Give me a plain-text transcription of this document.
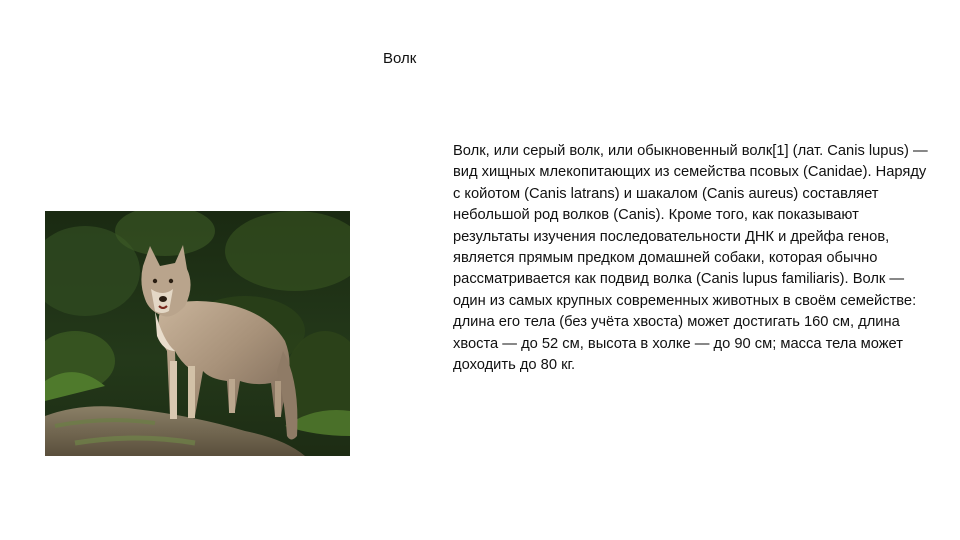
Волк

Волк, или серый волк, или обыкновенный волк[1] (лат. Canis lupus) — вид хищных млекопитающих из семейства псовых (Canidae). Наряду с койотом (Canis latrans) и шакалом (Canis aureus) составляет небольшой род волков (Canis). Кроме того, как показывают результаты изучения последовательности ДНК и дрейфа генов, является прямым предком домашней собаки, которая обычно рассматривается как подвид волка (Canis lupus familiaris). Волк — один из самых крупных современных животных в своём семействе: длина его тела (без учёта хвоста) может достигать 160 см, длина хвоста — до 52 см, высота в холке — до 90 см; масса тела может доходить до 80 кг.
